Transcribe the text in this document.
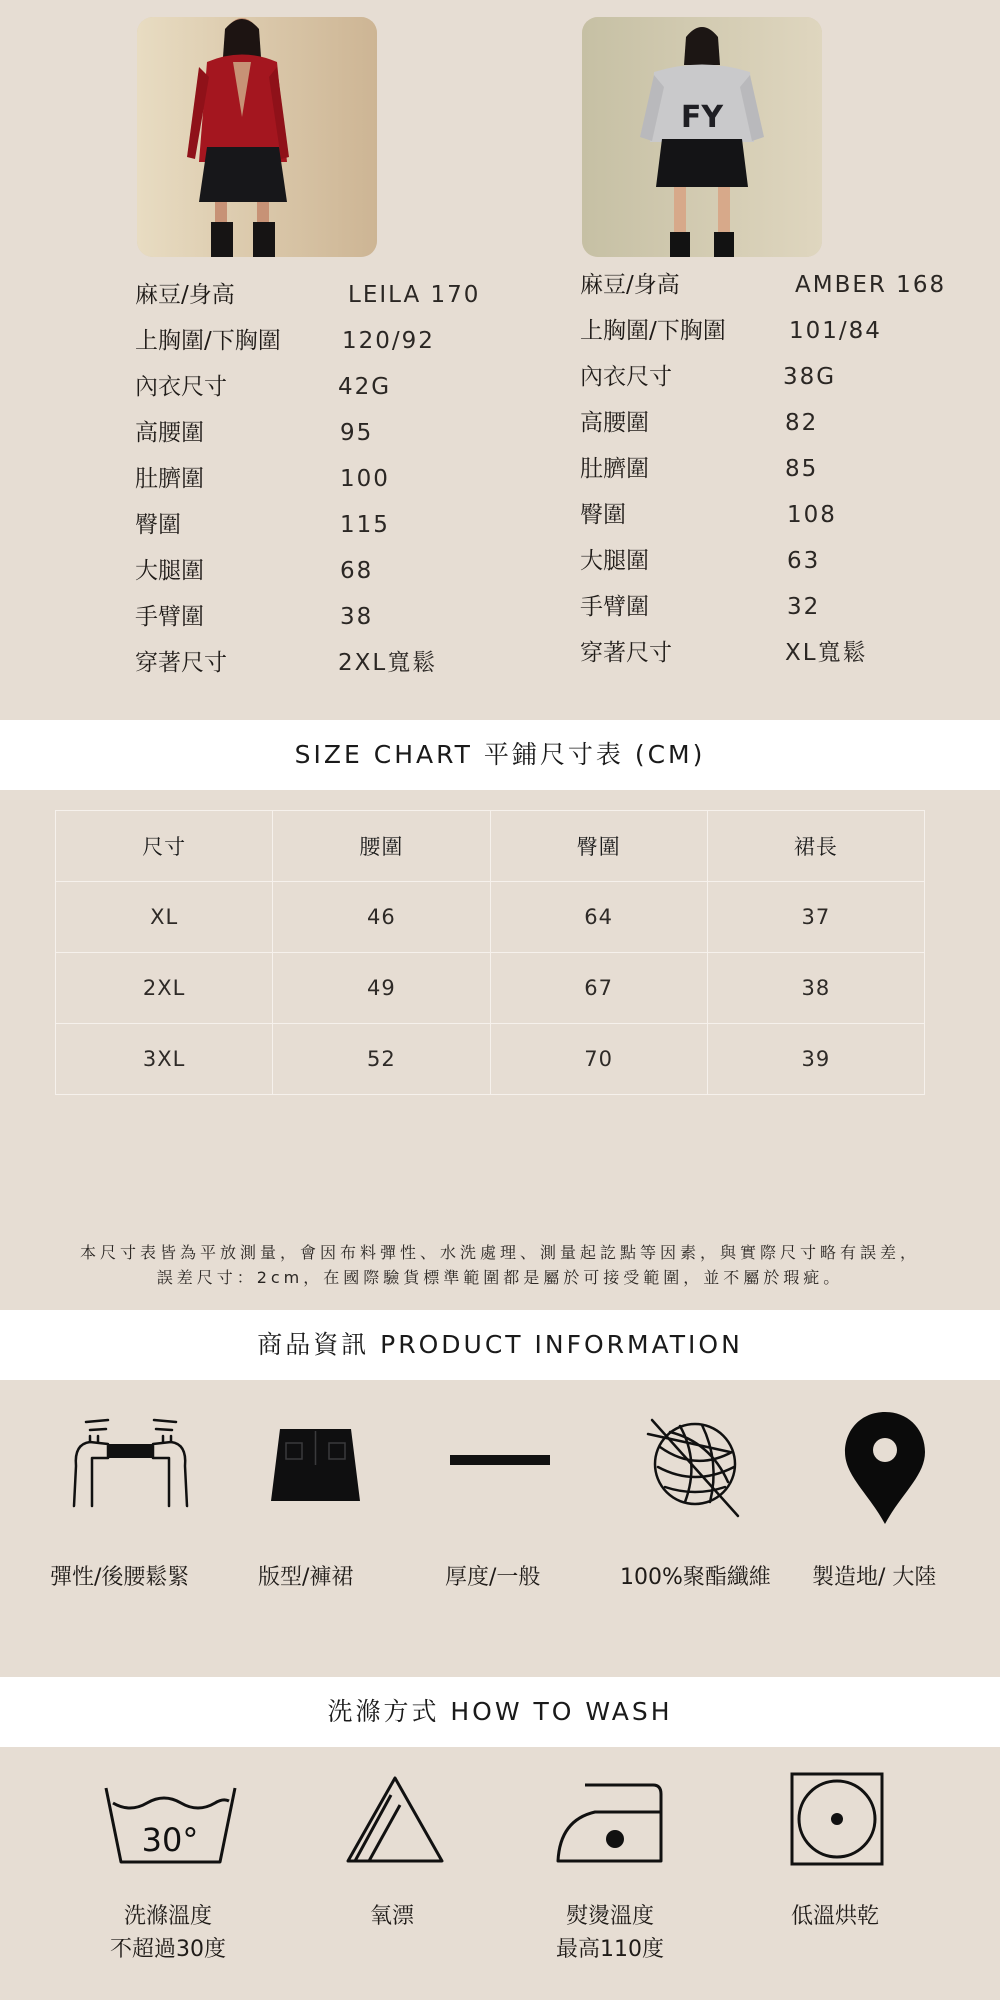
FY
麻豆/身高	LEILA 170
上胸圍/下胸圍	120/92
內衣尺寸	42G
高腰圍	95
肚臍圍	100
臀圍	115
大腿圍	68
手臂圍	38
穿著尺寸	2XL寬鬆
麻豆/身高	AMBER 168
上胸圍/下胸圍	101/84
內衣尺寸	38G
高腰圍	82
肚臍圍	85
臀圍	108
大腿圍	63
手臂圍	32
穿著尺寸	XL寬鬆
SIZE CHART 平鋪尺寸表 (CM)
尺寸	腰圍	臀圍	裙長
XL	46	64	37
2XL	49	67	38
3XL	52	70	39
本尺寸表皆為平放測量，會因布料彈性、水洗處理、測量起訖點等因素，與實際尺寸略有誤差，
誤差尺寸：2cm，在國際驗貨標準範圍都是屬於可接受範圍，並不屬於瑕疵。
商品資訊 PRODUCT INFORMATION
彈性/後腰鬆緊	版型/褲裙	厚度/一般	100%聚酯纖維 製造地/ 大陸
洗滌方式 HOW TO WASH
30°
洗滌溫度
不超過30度
氧漂	熨燙溫度
最高110度
低溫烘乾
